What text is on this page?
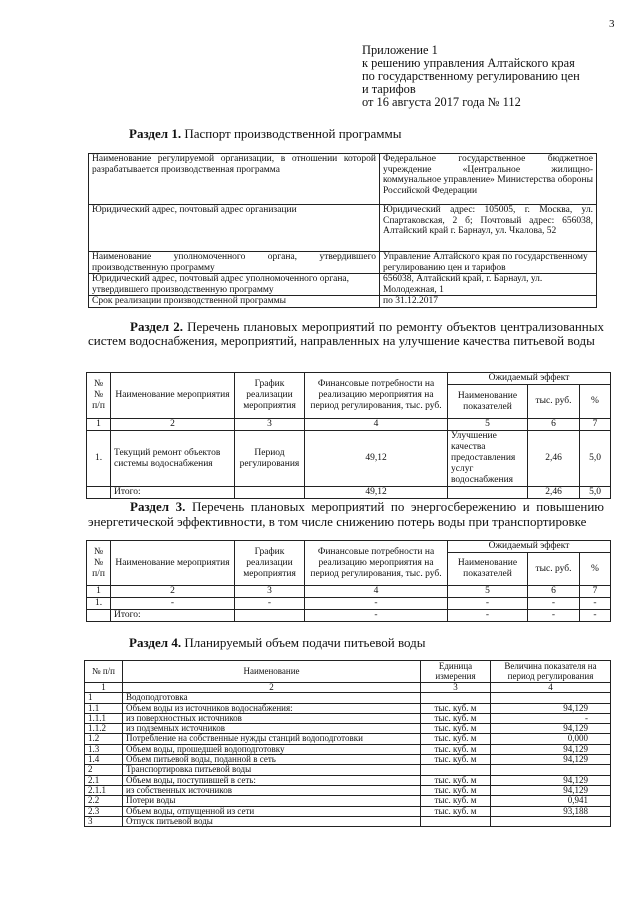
3
Приложение 1
к решению управления Алтайского края
по государственному регулированию цен
и тарифов
от 16 августа 2017 года № 112
Раздел 1. Паспорт производственной программы
Наименование регулируемой организации, в отношении которой разрабатывается производственная программа	Федеральное государственное бюджетное учреждение «Центральное жилищно-коммунальное управление» Министерства обороны Российской Федерации
Юридический адрес, почтовый адрес организации	Юридический адрес: 105005, г. Москва, ул. Спартаковская, 2 б; Почтовый адрес: 656038, Алтайский край г. Барнаул, ул. Чкалова, 52
Наименование уполномоченного органа, утвердившего производственную программу	Управление Алтайского края по государственному регулированию цен и тарифов
Юридический адрес, почтовый адрес уполномоченного органа, утвердившего производственную программу	656038, Алтайский край, г. Барнаул, ул. Молодежная, 1
Срок реализации производственной программы	по 31.12.2017
Раздел 2. Перечень плановых мероприятий по ремонту объектов централизованных систем водоснабжения, мероприятий, направленных на улучшение качества питьевой воды
№№ п/п	Наименование мероприятия	График реализации мероприятия	Финансовые потребности на реализацию мероприятия на период регулирования, тыс. руб.	Ожидаемый эффект		
				Наименование показателей	тыс. руб.	%
1	2	3	4	5	6	7
1.	Текущий ремонт объектов системы водоснабжения	Период регулирования	49,12	Улучшение качества предоставления услуг водоснабжения	2,46	5,0
	Итого:		49,12		2,46	5,0
Раздел 3. Перечень плановых мероприятий по энергосбережению и повышению энергетической эффективности, в том числе снижению потерь воды при транспортировке
№№ п/п	Наименование мероприятия	График реализации мероприятия	Финансовые потребности на реализацию мероприятия на период регулирования, тыс. руб.	Ожидаемый эффект		
				Наименование показателей	тыс. руб.	%
1	2	3	4	5	6	7
1.	-	-	-	-	-	-
	Итого:		-	-	-	-
Раздел 4. Планируемый объем подачи питьевой воды
№ п/п	Наименование	Единица измерения	Величина показателя на период регулирования
1	2	3	4
1	Водоподготовка		
1.1	Объем воды из источников водоснабжения:	тыс. куб. м	94,129
1.1.1	из поверхностных источников	тыс. куб. м	-
1.1.2	из подземных источников	тыс. куб. м	94,129
1.2	Потребление на собственные нужды станций водоподготовки	тыс. куб. м	0,000
1.3	Объем воды, прошедшей водоподготовку	тыс. куб. м	94,129
1.4	Объем питьевой воды, поданной в сеть	тыс. куб. м	94,129
2	Транспортировка питьевой воды		
2.1	Объем воды, поступившей в сеть:	тыс. куб. м	94,129
2.1.1	из собственных источников	тыс. куб. м	94,129
2.2	Потери воды	тыс. куб. м	0,941
2.3	Объем воды, отпущенной из сети	тыс. куб. м	93,188
3	Отпуск питьевой воды		
